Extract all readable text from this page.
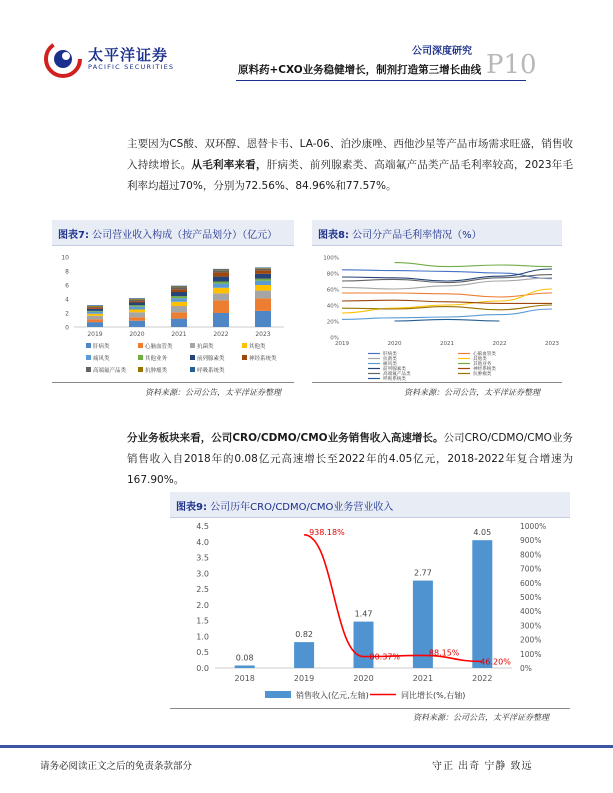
太平洋证券
PACIFIC SECURITIES
公司深度研究
原料药+CXO业务稳健增长，制剂打造第三增长曲线 P10
主要因为CS酸、双环醇、恩替卡韦、LA-06、泊沙康唑、西他沙星等产品市场需求旺盛，销售收入持续增长。从毛利率来看，肝病类、前列腺素类、高端氟产品类产品毛利率较高，2023年毛利率均超过70%，分别为72.56%、84.96%和77.57%。
图表7: 公司营业收入构成（按产品划分）（亿元）
0
2
4
6
8
10
2019	2020	2021	2022	2023
肝病类	心脑血管类	抗菌类	其他类
痛风类	其他业务	前列腺素类	神经系统类
高端氟产品类	抗肿瘤类	呼吸系统类
资料来源：公司公告，太平洋证券整理
图表8: 公司分产品毛利率情况（%）
0%
20%
40%
60%
80%
100%
2019	2020	2021	2022	2023
肝病类	心脑血管类
抗菌类	其他类
痛风类	其他业务
前列腺素类	神经系统类
高端氟产品类	抗肿瘤类
呼吸系统类
资料来源：公司公告，太平洋证券整理
分业务板块来看，公司CRO/CDMO/CMO业务销售收入高速增长。公司CRO/CDMO/CMO业务销售收入自2018年的0.08亿元高速增长至2022年的4.05亿元，2018-2022年复合增速为167.90%。
图表9: 公司历年CRO/CDMO/CMO业务营业收入
0.0
0.5
1.0
1.5
2.0
2.5
3.0
3.5
4.0
4.5
0%
100%
200%
300%
400%
500%
600%
700%
800%
900%
1000%
0.08
2018
0.82
2019
1.47
2020
2.77
2021
4.05
2022
938.18%
80.37%	88.15%
46.20%
销售收入(亿元,左轴)	同比增长(%,右轴)
资料来源：公司公告，太平洋证券整理
请务必阅读正文之后的免责条款部分	守正 出奇 宁静 致远
